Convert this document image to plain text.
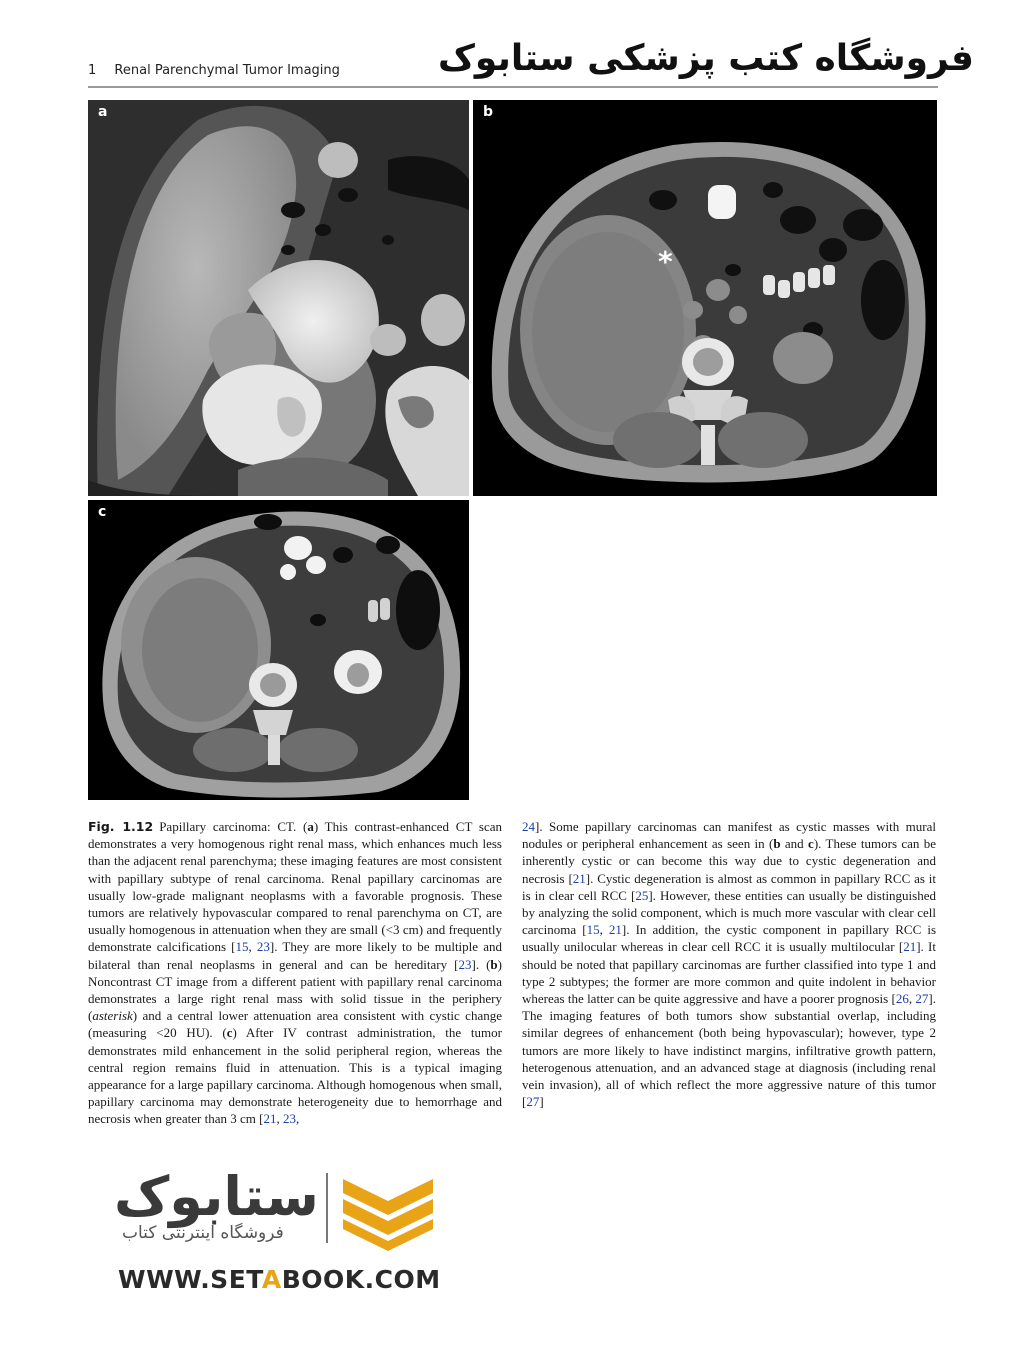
1 Renal Parenchymal Tumor Imaging	فروشگاه کتب پزشکی ستابوک
a	b
*
c
Fig. 1.12 Papillary carcinoma: CT. (a) This contrast-enhanced CT scan demonstrates a very homogenous right renal mass, which enhances much less than the adjacent renal parenchyma; these imaging features are most consistent with papillary subtype of renal carcinoma. Renal papillary carcinomas are usually low-grade malignant neoplasms with a favorable prognosis. These tumors are relatively hypovascular compared to renal parenchyma on CT, are usually homogenous in attenuation when they are small (<3 cm) and frequently demonstrate calcifications [15, 23]. They are more likely to be multiple and bilateral than renal neoplasms in general and can be hereditary [23]. (b) Noncontrast CT image from a different patient with papillary renal carcinoma demonstrates a large right renal mass with solid tissue in the periphery (asterisk) and a central lower attenuation area consistent with cystic change (measuring <20 HU). (c) After IV contrast administration, the tumor demonstrates mild enhancement in the solid peripheral region, whereas the central region remains fluid in attenuation. This is a typical imaging appearance for a large papillary carcinoma. Although homogenous when small, papillary carcinoma may demonstrate heterogeneity due to hemorrhage and necrosis when greater than 3 cm [21, 23,
24]. Some papillary carcinomas can manifest as cystic masses with mural nodules or peripheral enhancement as seen in (b and c). These tumors can be inherently cystic or can become this way due to cystic degeneration and necrosis [21]. Cystic degeneration is almost as common in papillary RCC as it is in clear cell RCC [25]. However, these entities can usually be distinguished by analyzing the solid component, which is much more vascular with clear cell carcinoma [15, 21]. In addition, the cystic component in papillary RCC is usually unilocular whereas in clear cell RCC it is usually multilocular [21]. It should be noted that papillary carcinomas are further classified into type 1 and type 2 subtypes; the former are more common and quite indolent in behavior whereas the latter can be quite aggressive and have a poorer prognosis [26, 27]. The imaging features of both tumors show substantial overlap, including similar degrees of enhancement (both being hypovascular); however, type 2 tumors are more likely to have indistinct margins, infiltrative growth pattern, heterogenous attenuation, and an advanced stage at diagnosis (including renal vein invasion), all of which reflect the more aggressive nature of this tumor [27]
ستابوک
فروشگاه اینترنتی کتاب
WWW.SETABOOK.COM
